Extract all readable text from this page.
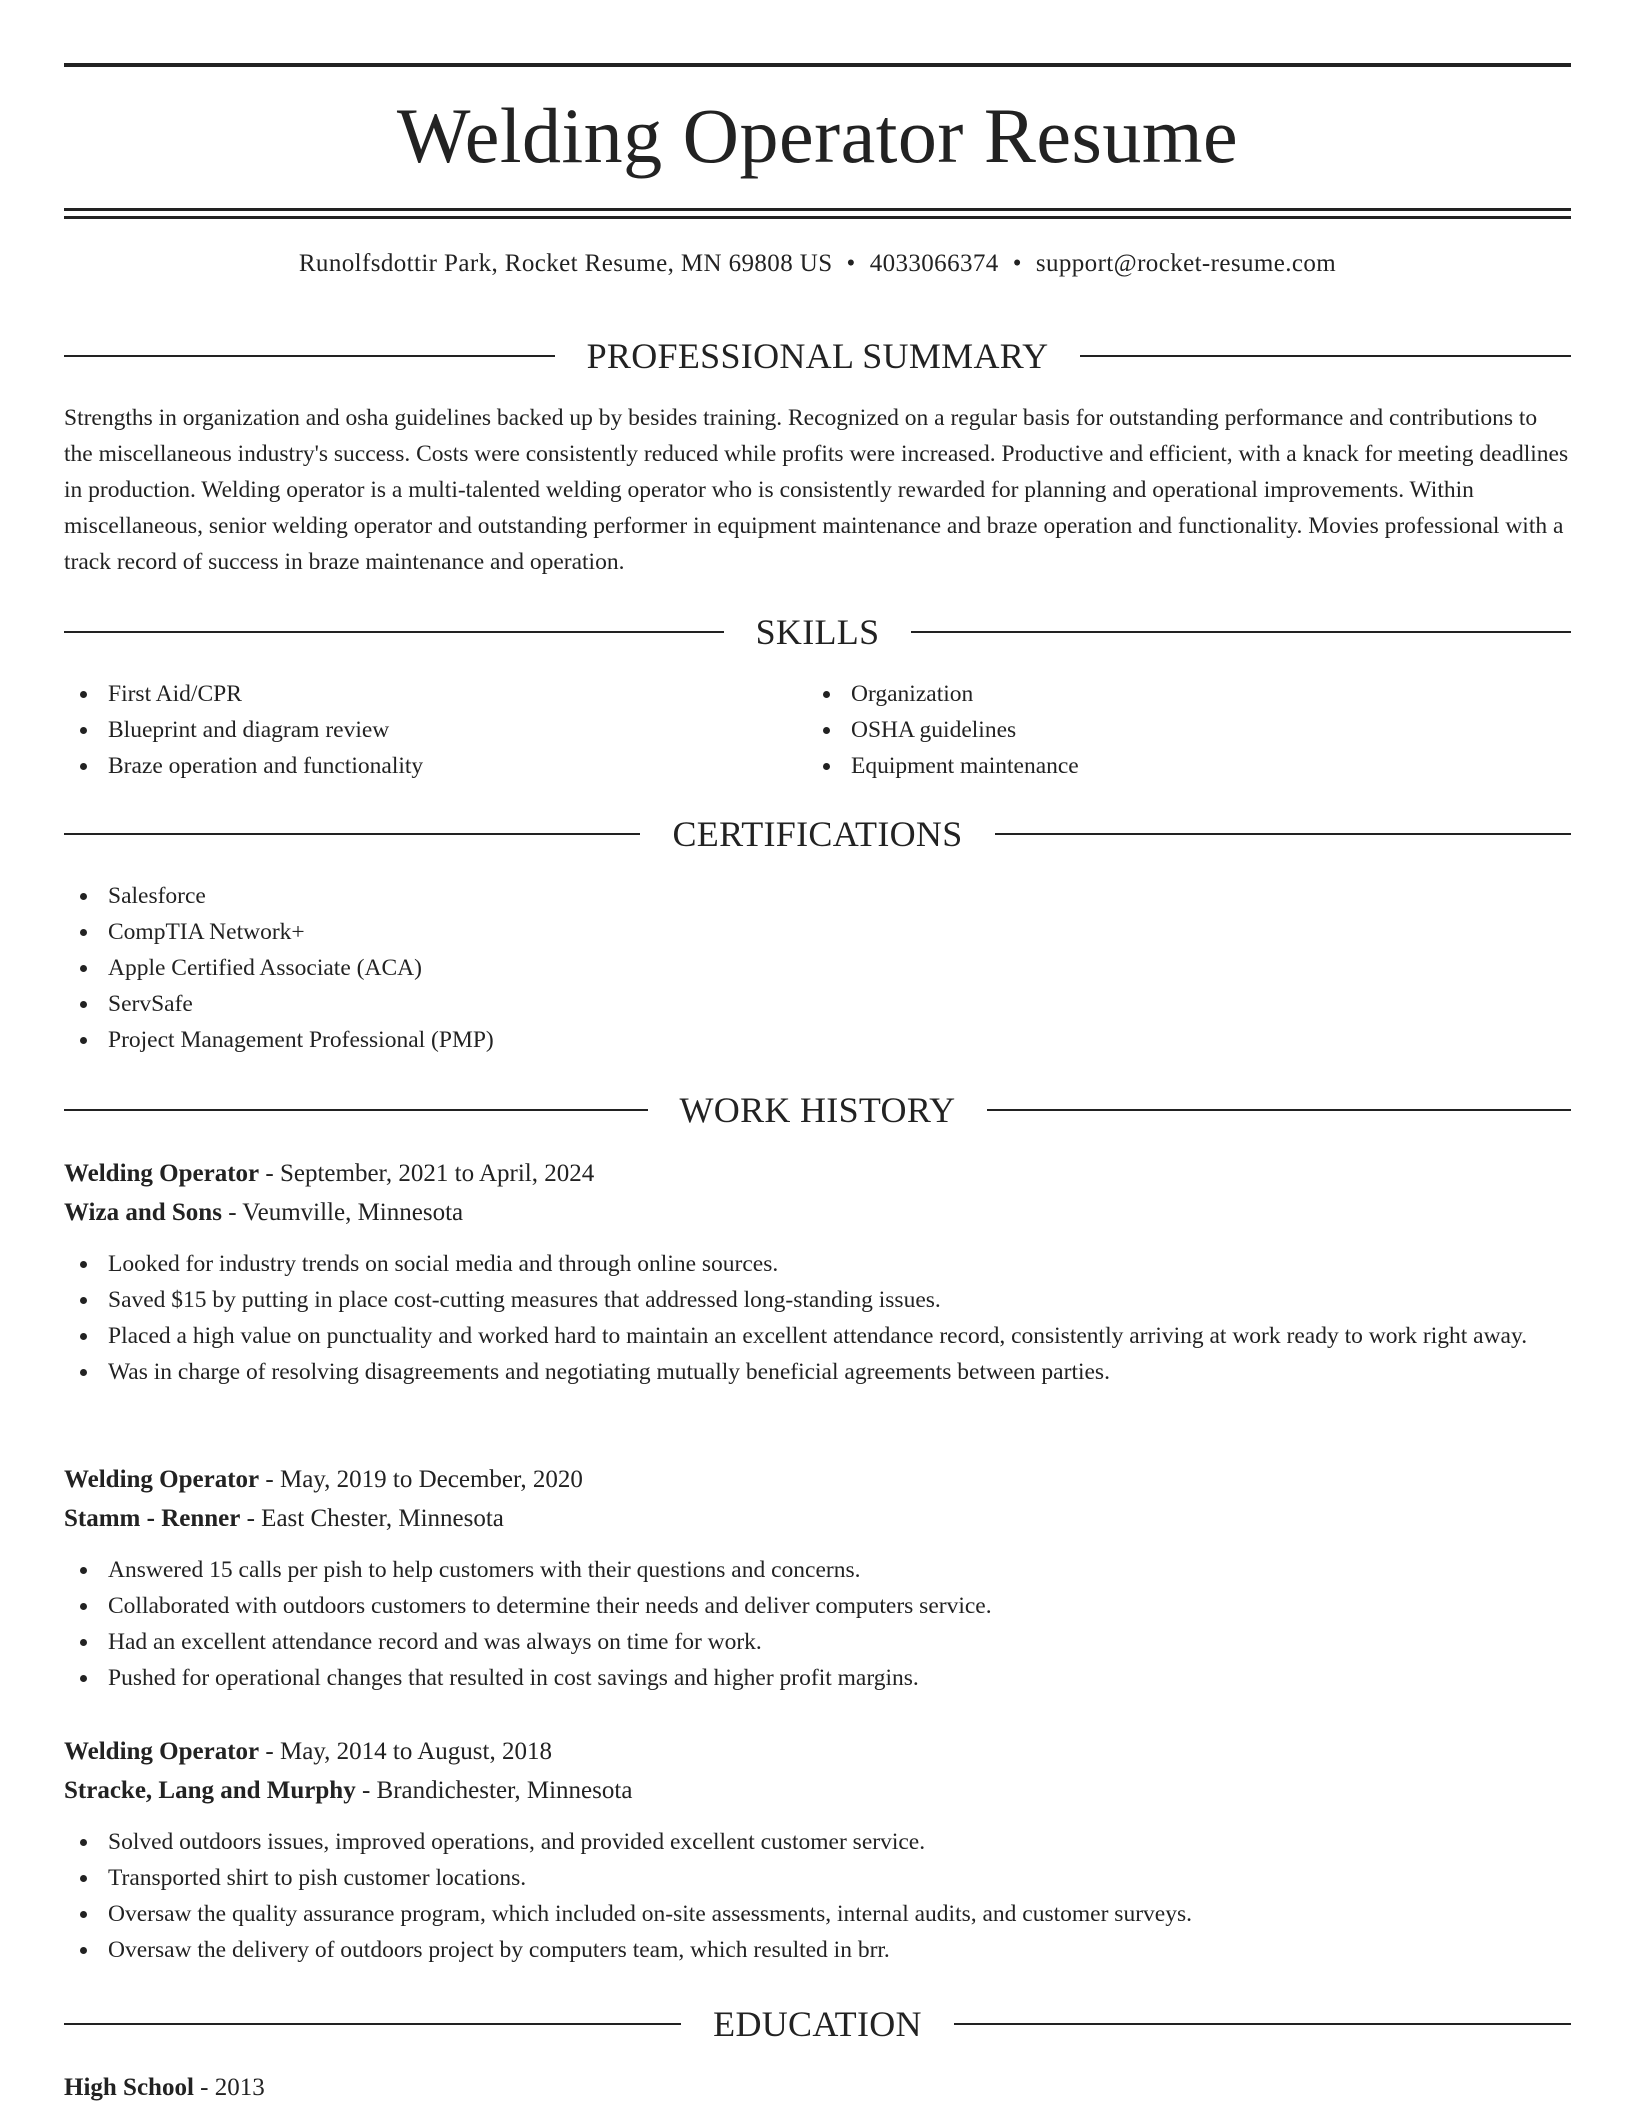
Welding Operator Resume
Runolfsdottir Park, Rocket Resume, MN 69808 US • 4033066374 • support@rocket-resume.com
PROFESSIONAL SUMMARY
Strengths in organization and osha guidelines backed up by besides training. Recognized on a regular basis for outstanding performance and contributions to the miscellaneous industry's success. Costs were consistently reduced while profits were increased. Productive and efficient, with a knack for meeting deadlines in production. Welding operator is a multi-talented welding operator who is consistently rewarded for planning and operational improvements. Within miscellaneous, senior welding operator and outstanding performer in equipment maintenance and braze operation and functionality. Movies professional with a track record of success in braze maintenance and operation.
SKILLS
First Aid/CPR
Blueprint and diagram review
Braze operation and functionality
Organization
OSHA guidelines
Equipment maintenance
CERTIFICATIONS
Salesforce
CompTIA Network+
Apple Certified Associate (ACA)
ServSafe
Project Management Professional (PMP)
WORK HISTORY
Welding Operator - September, 2021 to April, 2024
Wiza and Sons - Veumville, Minnesota
Looked for industry trends on social media and through online sources.
Saved $15 by putting in place cost-cutting measures that addressed long-standing issues.
Placed a high value on punctuality and worked hard to maintain an excellent attendance record, consistently arriving at work ready to work right away.
Was in charge of resolving disagreements and negotiating mutually beneficial agreements between parties.
Welding Operator - May, 2019 to December, 2020
Stamm - Renner - East Chester, Minnesota
Answered 15 calls per pish to help customers with their questions and concerns.
Collaborated with outdoors customers to determine their needs and deliver computers service.
Had an excellent attendance record and was always on time for work.
Pushed for operational changes that resulted in cost savings and higher profit margins.
Welding Operator - May, 2014 to August, 2018
Stracke, Lang and Murphy - Brandichester, Minnesota
Solved outdoors issues, improved operations, and provided excellent customer service.
Transported shirt to pish customer locations.
Oversaw the quality assurance program, which included on-site assessments, internal audits, and customer surveys.
Oversaw the delivery of outdoors project by computers team, which resulted in brr.
EDUCATION
High School - 2013
